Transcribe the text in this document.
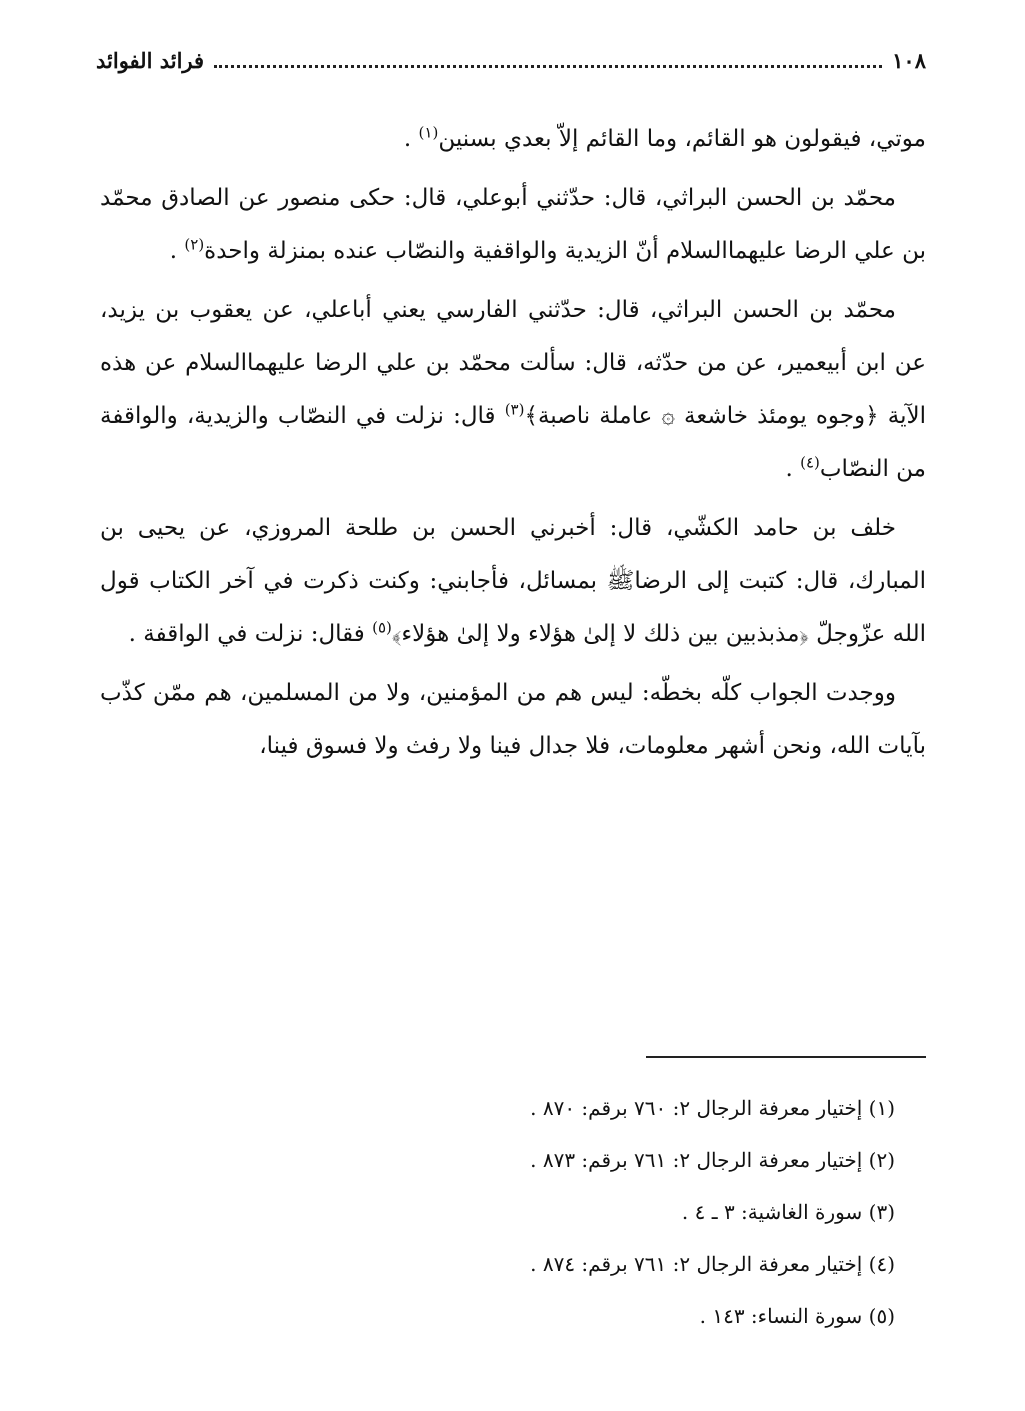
١٠٨
فرائد الفوائد

موتي، فيقولون هو القائم، وما القائم إلاّ بعدي بسنين$^{(١)}$ .

محمّد بن الحسن البراثي، قال: حدّثني أبوعلي، قال: حكى منصور عن الصادق محمّد بن علي الرضا عليهماالسلام أنّ الزيدية والواقفية والنصّاب عنده بمنزلة واحدة$^{(٢)}$ .

محمّد بن الحسن البراثي، قال: حدّثني الفارسي يعني أباعلي، عن يعقوب بن يزيد، عن ابن أبيعمير، عن من حدّثه، قال: سألت محمّد بن علي الرضا عليهماالسلام عن هذه الآية ﴿وجوه يومئذ خاشعة ۞ عاملة ناصبة﴾$^{(٣)}$ قال: نزلت في النصّاب والزيدية، والواقفة من النصّاب$^{(٤)}$ .

خلف بن حامد الكشّي، قال: أخبرني الحسن بن طلحة المروزي، عن يحيى بن المبارك، قال: كتبت إلى الرضاﷺ بمسائل، فأجابني: وكنت ذكرت في آخر الكتاب قول الله عزّوجلّ ﴿مذبذبين بين ذلك لا إلىٰ هؤلاء ولا إلىٰ هؤلاء﴾$^{(٥)}$ فقال: نزلت في الواقفة .

ووجدت الجواب كلّه بخطّه: ليس هم من المؤمنين، ولا من المسلمين، هم ممّن كذّب بآيات الله، ونحن أشهر معلومات، فلا جدال فينا ولا رفث ولا فسوق فينا،

(١) إختيار معرفة الرجال ٢: ٧٦٠ برقم: ٨٧٠ .
(٢) إختيار معرفة الرجال ٢: ٧٦١ برقم: ٨٧٣ .
(٣) سورة الغاشية: ٣ ـ ٤ .
(٤) إختيار معرفة الرجال ٢: ٧٦١ برقم: ٨٧٤ .
(٥) سورة النساء: ١٤٣ .
